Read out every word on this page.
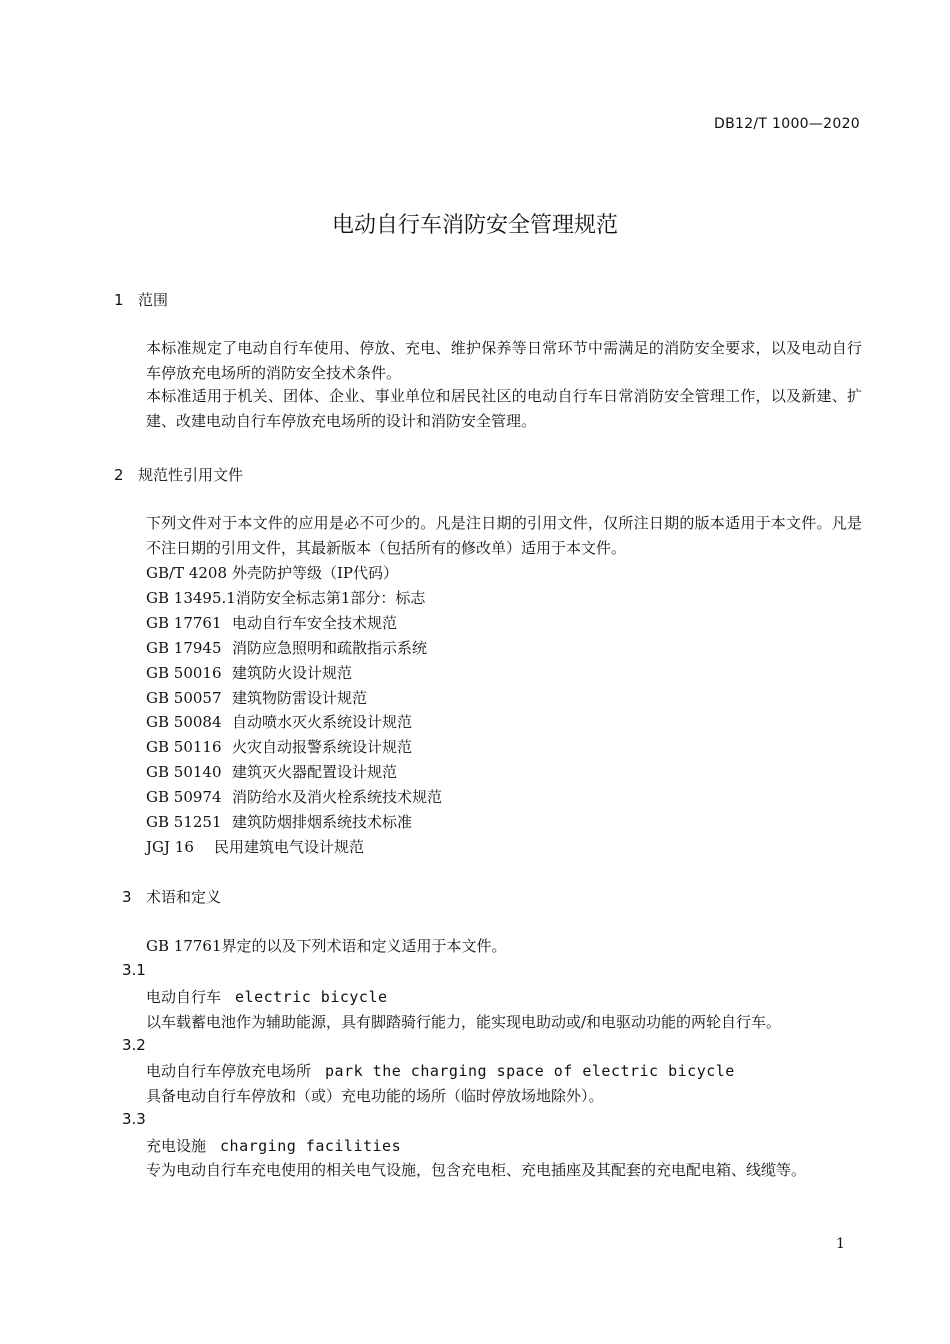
DB12/T 1000—2020
电动自行车消防安全管理规范
1 范围
本标准规定了电动自行车使用、停放、充电、维护保养等日常环节中需满足的消防安全要求，以及电动自行车停放充电场所的消防安全技术条件。
本标准适用于机关、团体、企业、事业单位和居民社区的电动自行车日常消防安全管理工作，以及新建、扩建、改建电动自行车停放充电场所的设计和消防安全管理。
2 规范性引用文件
下列文件对于本文件的应用是必不可少的。凡是注日期的引用文件，仅所注日期的版本适用于本文件。凡是不注日期的引用文件，其最新版本（包括所有的修改单）适用于本文件。
GB/T 4208 外壳防护等级（IP代码）
GB 13495.1消防安全标志第1部分：标志
GB 17761 电动自行车安全技术规范
GB 17945 消防应急照明和疏散指示系统
GB 50016 建筑防火设计规范
GB 50057 建筑物防雷设计规范
GB 50084 自动喷水灭火系统设计规范
GB 50116 火灾自动报警系统设计规范
GB 50140 建筑灭火器配置设计规范
GB 50974 消防给水及消火栓系统技术规范
GB 51251 建筑防烟排烟系统技术标准
JGJ 16 民用建筑电气设计规范
3 术语和定义
GB 17761界定的以及下列术语和定义适用于本文件。
3.1
电动自行车 electric bicycle
以车载蓄电池作为辅助能源，具有脚踏骑行能力，能实现电助动或/和电驱动功能的两轮自行车。
3.2
电动自行车停放充电场所 park the charging space of electric bicycle
具备电动自行车停放和（或）充电功能的场所（临时停放场地除外）。
3.3
充电设施 charging facilities
专为电动自行车充电使用的相关电气设施，包含充电柜、充电插座及其配套的充电配电箱、线缆等。
1
